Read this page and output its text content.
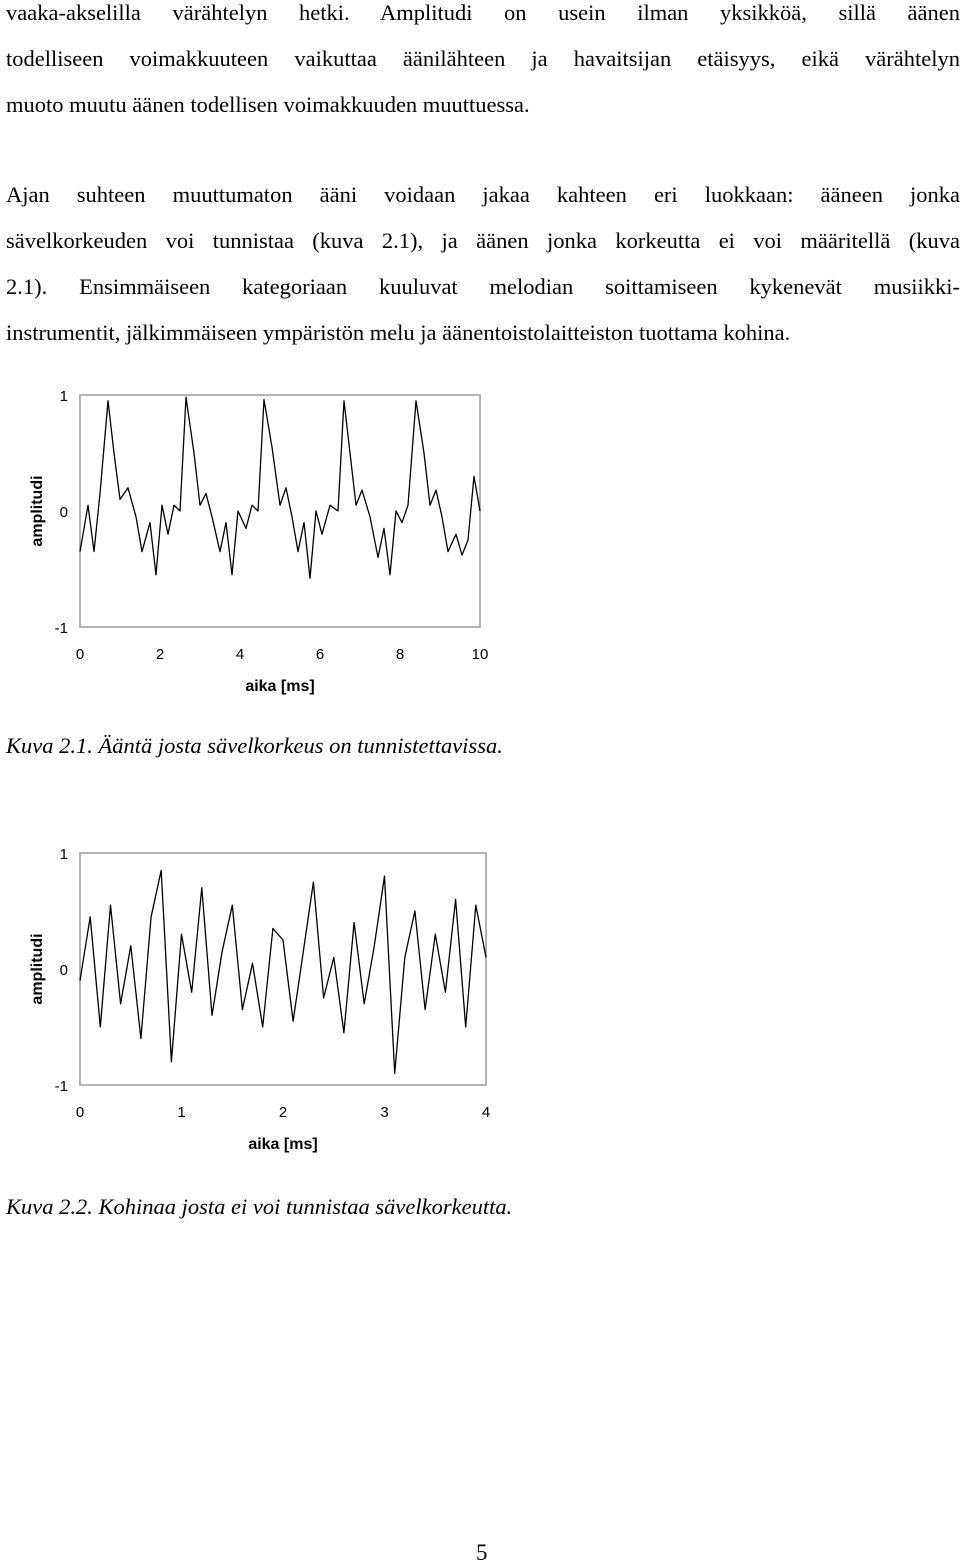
vaaka-akselilla värähtelyn hetki. Amplitudi on usein ilman yksikköä, sillä äänen
todelliseen voimakkuuteen vaikuttaa äänilähteen ja havaitsijan etäisyys, eikä värähtelyn
muoto muutu äänen todellisen voimakkuuden muuttuessa.
Ajan suhteen muuttumaton ääni voidaan jakaa kahteen eri luokkaan: ääneen jonka
sävelkorkeuden voi tunnistaa (kuva 2.1), ja äänen jonka korkeutta ei voi määritellä (kuva
2.1). Ensimmäiseen kategoriaan kuuluvat melodian soittamiseen kykenevät musiikki-
instrumentit, jälkimmäiseen ympäristön melu ja äänentoistolaitteiston tuottama kohina.
1
0
-1
0	2	4	6	8	10
aika [ms]
amplitudi

Kuva 2.1. Ääntä josta sävelkorkeus on tunnistettavissa.

1
0
-1
0	1	2	3	4
aika [ms]
amplitudi

Kuva 2.2. Kohinaa josta ei voi tunnistaa sävelkorkeutta.

5
